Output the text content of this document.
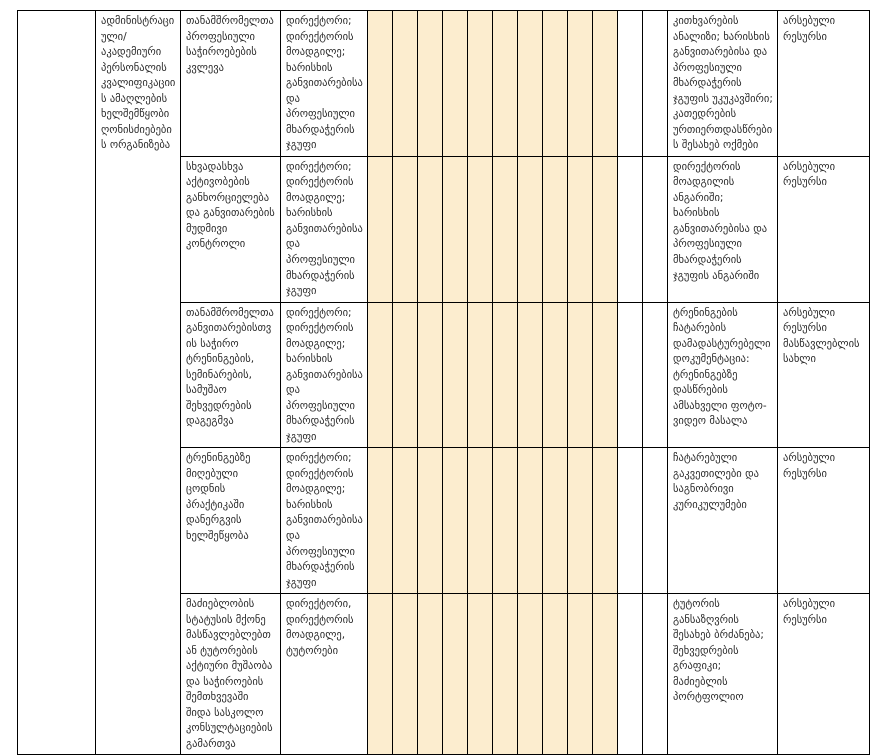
	ადმინისტრაციული/აკადემიური პერსონალის კვალიფიკაციის ამაღლების ხელშემწყობი ღონისძიებების ორგანიზება	თანამშრომელთა პროფესიული საჭიროებების კვლევა	დირექტორი; დირექტორის მოადგილე; ხარისხის განვითარებისა და პროფესიული მხარდაჭერის ჯგუფი													კითხვარების ანალიზი; ხარისხის განვითარებისა და პროფესიული მხარდაჭერის ჯგუფის უკუკავშირი; კათედრების ურთიერთდასწრების შესახებ ოქმები	არსებული რესურსი
		სხვადასხვა აქტივობების განხორციელება და განვითარების მუდმივი კონტროლი	დირექტორი; დირექტორის მოადგილე; ხარისხის განვითარებისა და პროფესიული მხარდაჭერის ჯგუფი													დირექტორის მოადგილის ანგარიში; ხარისხის განვითარებისა და პროფესიული მხარდაჭერის ჯგუფის ანგარიში	არსებული რესურსი
		თანამშრომელთა განვითარებისთვის საჭირო ტრენინგების, სემინარების, სამუშაო შეხვედრების დაგეგმვა	დირექტორი; დირექტორის მოადგილე; ხარისხის განვითარებისა და პროფესიული მხარდაჭერის ჯგუფი													ტრენინგების ჩატარების დამადასტურებელი დოკუმენტაცია: ტრენინგებზე დასწრების ამსახველი ფოტო-ვიდეო მასალა	არსებული რესურსი მასწავლებლის სახლი
		ტრენინგებზე მიღებული ცოდნის პრაქტიკაში დანერგვის ხელშეწყობა	დირექტორი; დირექტორის მოადგილე; ხარისხის განვითარებისა და პროფესიული მხარდაჭერის ჯგუფი													ჩატარებული გაკვეთილები და საგნობრივი კურიკულუმები	არსებული რესურსი
		მაძიებლობის სტატუსის მქონე მასწავლებლებთან ტუტორების აქტიური მუშაობა და საჭიროების შემთხვევაში შიდა სასკოლო კონსულტაციების გამართვა	დირექტორი, დირექტორის მოადგილე, ტუტორები													ტუტორის განსაზღვრის შესახებ ბრძანება; შეხვედრების გრაფიკი; მაძიებლის პორტფოლიო	არსებული რესურსი
